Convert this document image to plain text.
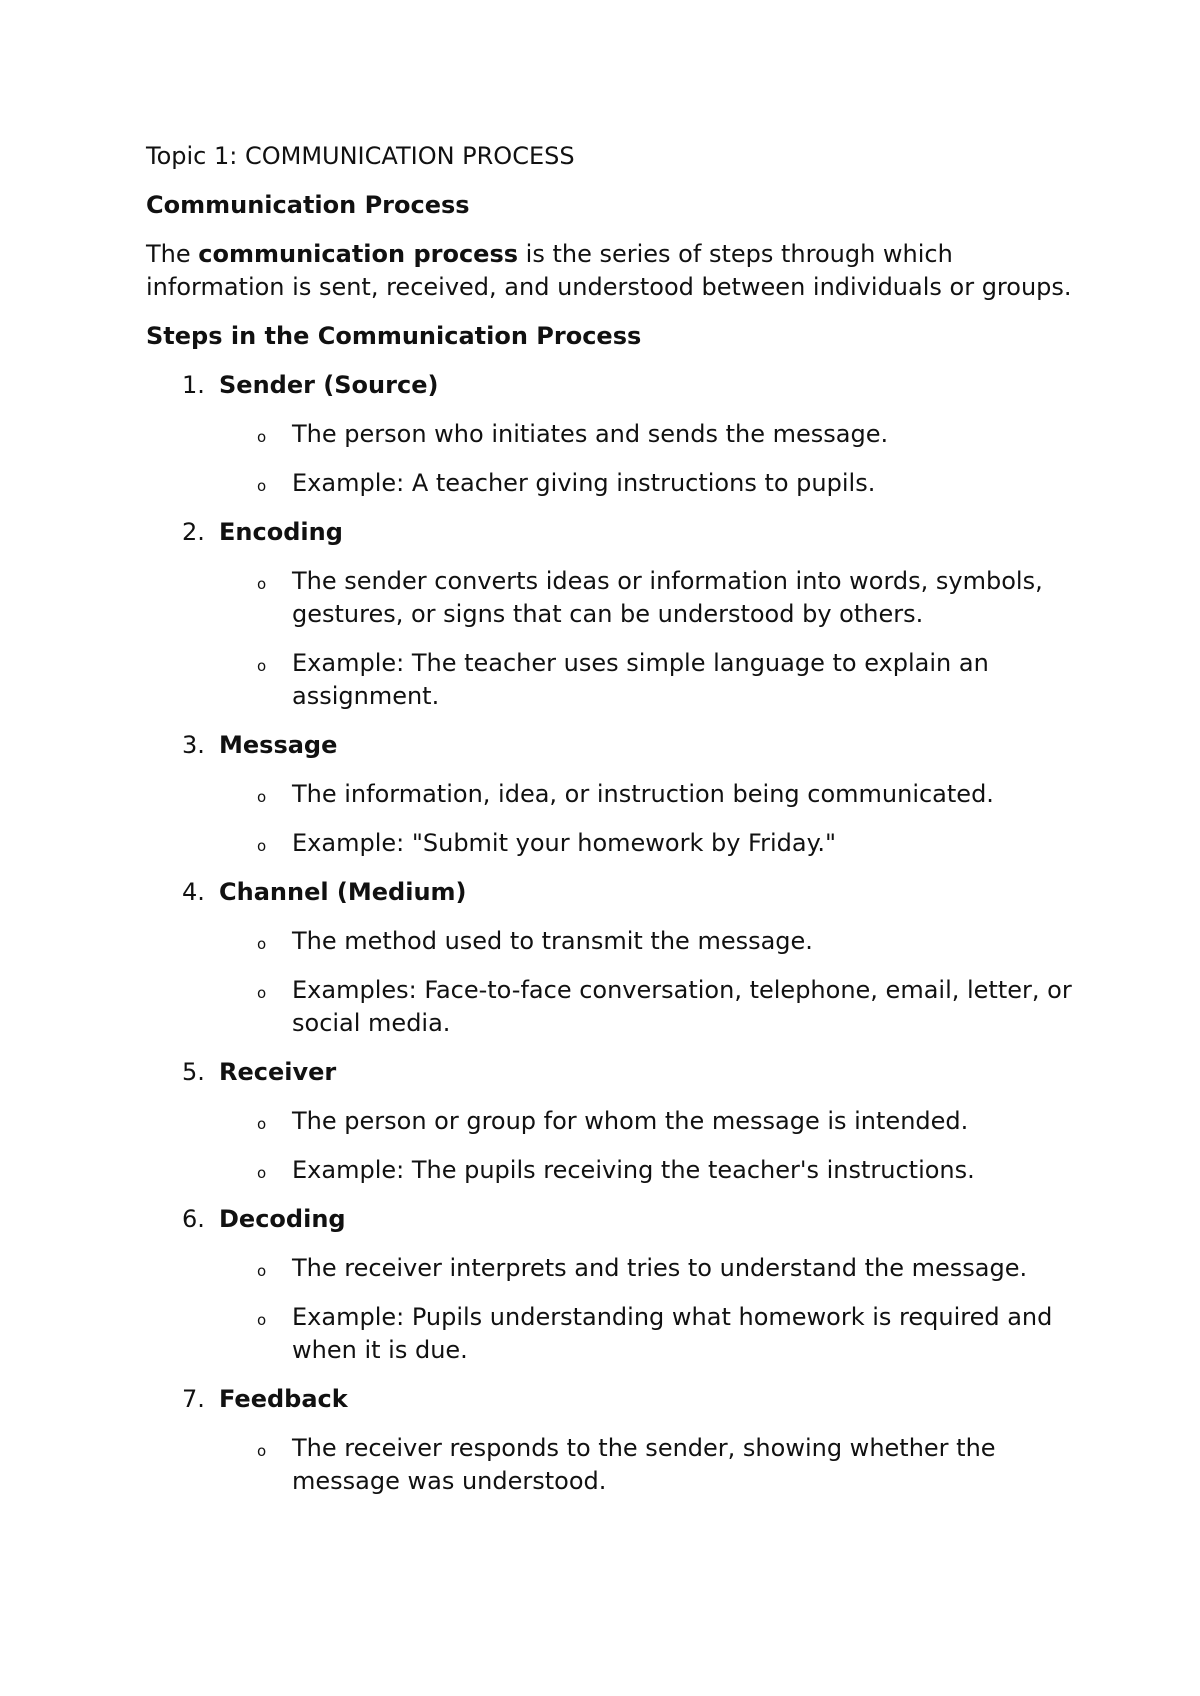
Topic 1: COMMUNICATION PROCESS

Communication Process

The communication process is the series of steps through which information is sent, received, and understood between individuals or groups.

Steps in the Communication Process

1. Sender (Source)
o The person who initiates and sends the message.
o Example: A teacher giving instructions to pupils.
2. Encoding
o The sender converts ideas or information into words, symbols, gestures, or signs that can be understood by others.
o Example: The teacher uses simple language to explain an assignment.
3. Message
o The information, idea, or instruction being communicated.
o Example: "Submit your homework by Friday."
4. Channel (Medium)
o The method used to transmit the message.
o Examples: Face-to-face conversation, telephone, email, letter, or social media.
5. Receiver
o The person or group for whom the message is intended.
o Example: The pupils receiving the teacher's instructions.
6. Decoding
o The receiver interprets and tries to understand the message.
o Example: Pupils understanding what homework is required and when it is due.
7. Feedback
o The receiver responds to the sender, showing whether the message was understood.
